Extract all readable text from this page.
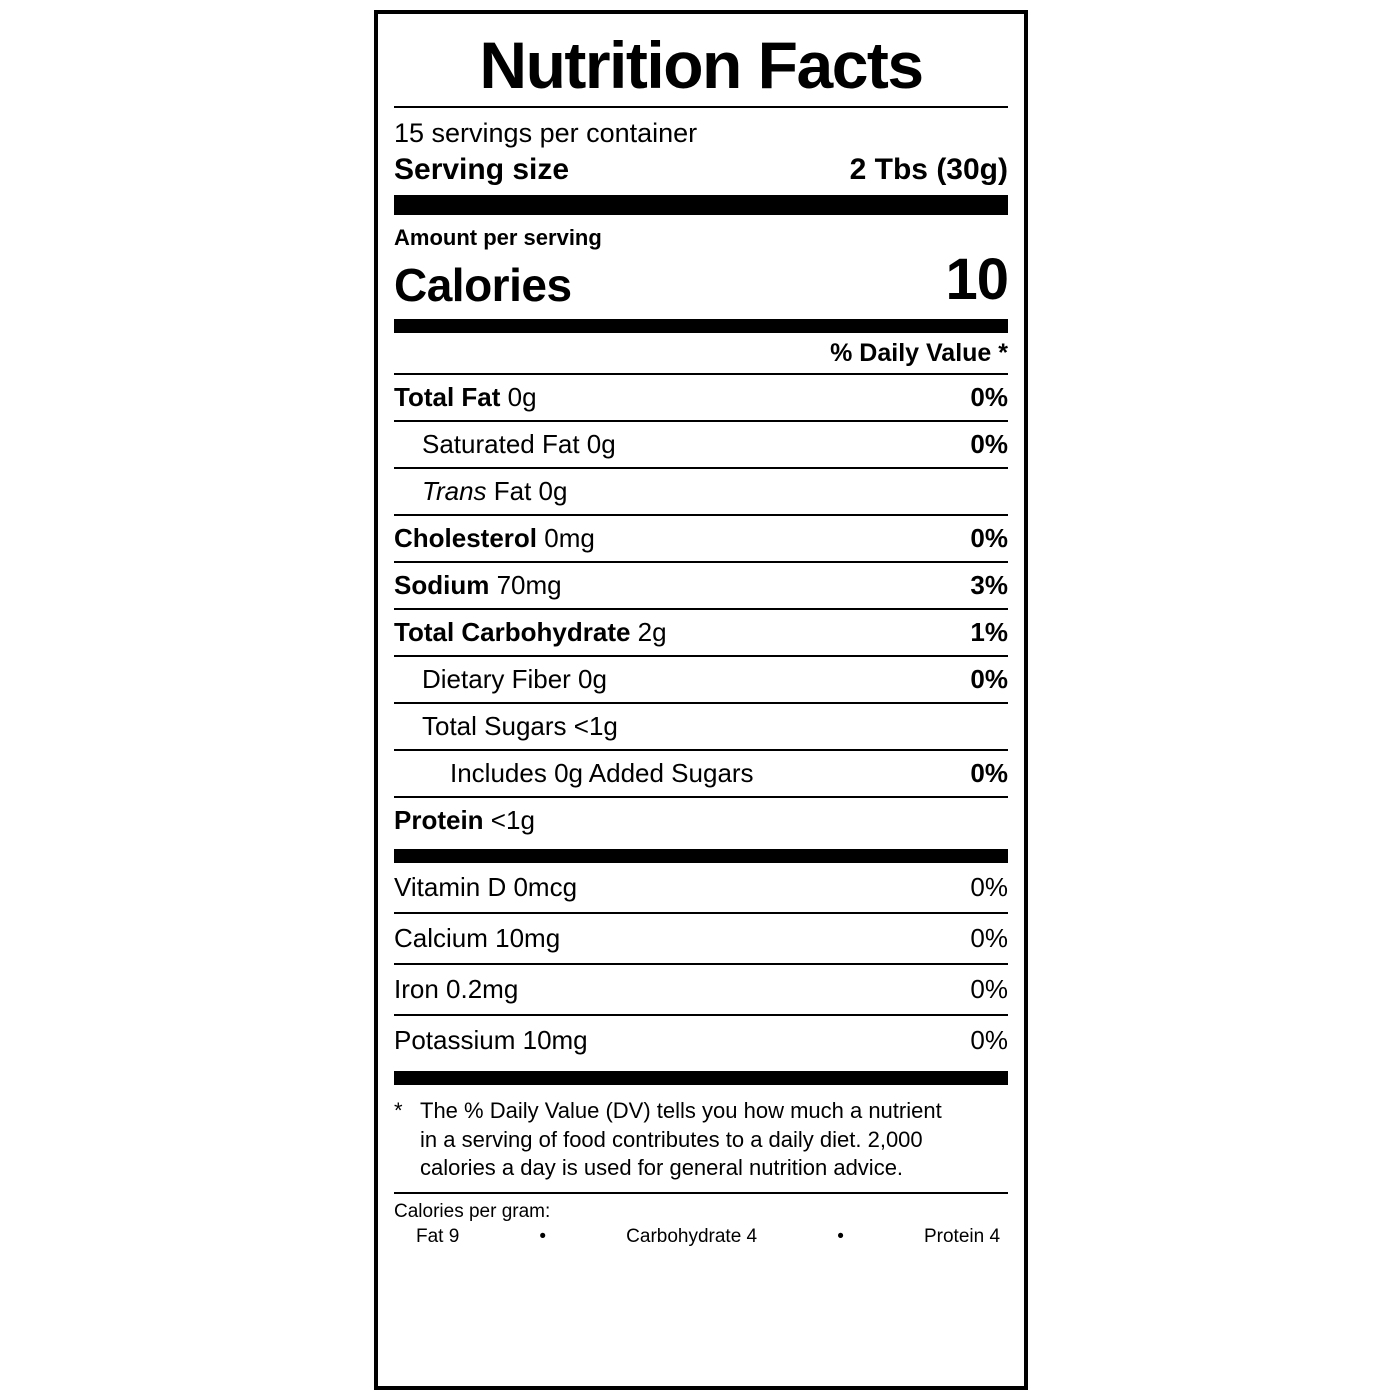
Nutrition Facts
15 servings per container
Serving size	2 Tbs (30g)
Amount per serving
Calories	10
% Daily Value *
Total Fat 0g	0%
Saturated Fat 0g	0%
Trans Fat 0g
Cholesterol 0mg	0%
Sodium 70mg	3%
Total Carbohydrate 2g	1%
Dietary Fiber 0g	0%
Total Sugars <1g
Includes 0g Added Sugars	0%
Protein <1g
Vitamin D 0mcg	0%
Calcium 10mg	0%
Iron 0.2mg	0%
Potassium 10mg	0%
* The % Daily Value (DV) tells you how much a nutrient in a serving of food contributes to a daily diet. 2,000 calories a day is used for general nutrition advice.
Calories per gram:
Fat 9	•	Carbohydrate 4	•	Protein 4
